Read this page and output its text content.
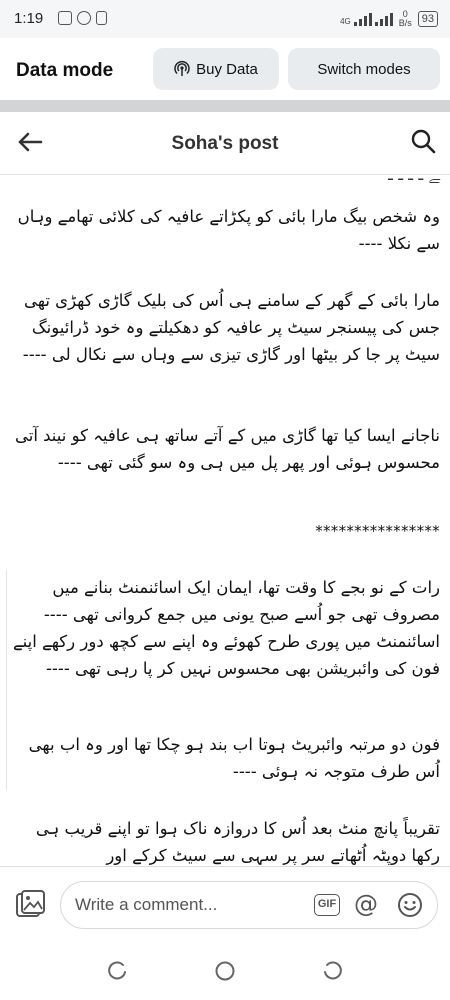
1:19	4G
0
B/s 93
Data mode	Buy Data	Switch modes
Soha's post

ﮯ ـ ـ ـ ـ

وہ شخص بیگ مارا بائی کو پکڑاتے عافیہ کی کلائی تھامے وہاں سے نکلا ----

مارا بائی کے گھر کے سامنے ہی اُس کی بلیک گاڑی کھڑی تھی جس کی پیسنجر سیٹ پر عافیہ کو دھکیلتے وہ خود ڈرائیونگ سیٹ پر جا کر بیٹھا اور گاڑی تیزی سے وہاں سے نکال لی ----

ناجانے ایسا کیا تھا گاڑی میں کے آتے ساتھ ہی عافیہ کو نیند آتی محسوس ہوئی اور پھر پل میں ہی وہ سو گئی تھی ----

****************

رات کے نو بجے کا وقت تھا، ایمان ایک اسائنمنٹ بنانے میں مصروف تھی جو اُسے صبح یونی میں جمع کروانی تھی ---- اسائنمنٹ میں پوری طرح کھوئے وہ اپنے سے کچھ دور رکھے اپنے فون کی وائبریشن بھی محسوس نہیں کر پا رہی تھی ----

فون دو مرتبہ وائبریٹ ہوتا اب بند ہو چکا تھا اور وہ اب بھی اُس طرف متوجہ نہ ہوئی ----

تقریباً پانچ منٹ بعد اُس کا دروازہ ناک ہوا تو اپنے قریب ہی رکھا دوپٹہ اُٹھاتے سر پر سہی سے سیٹ کرکے اور

Write a comment...	GIF @
